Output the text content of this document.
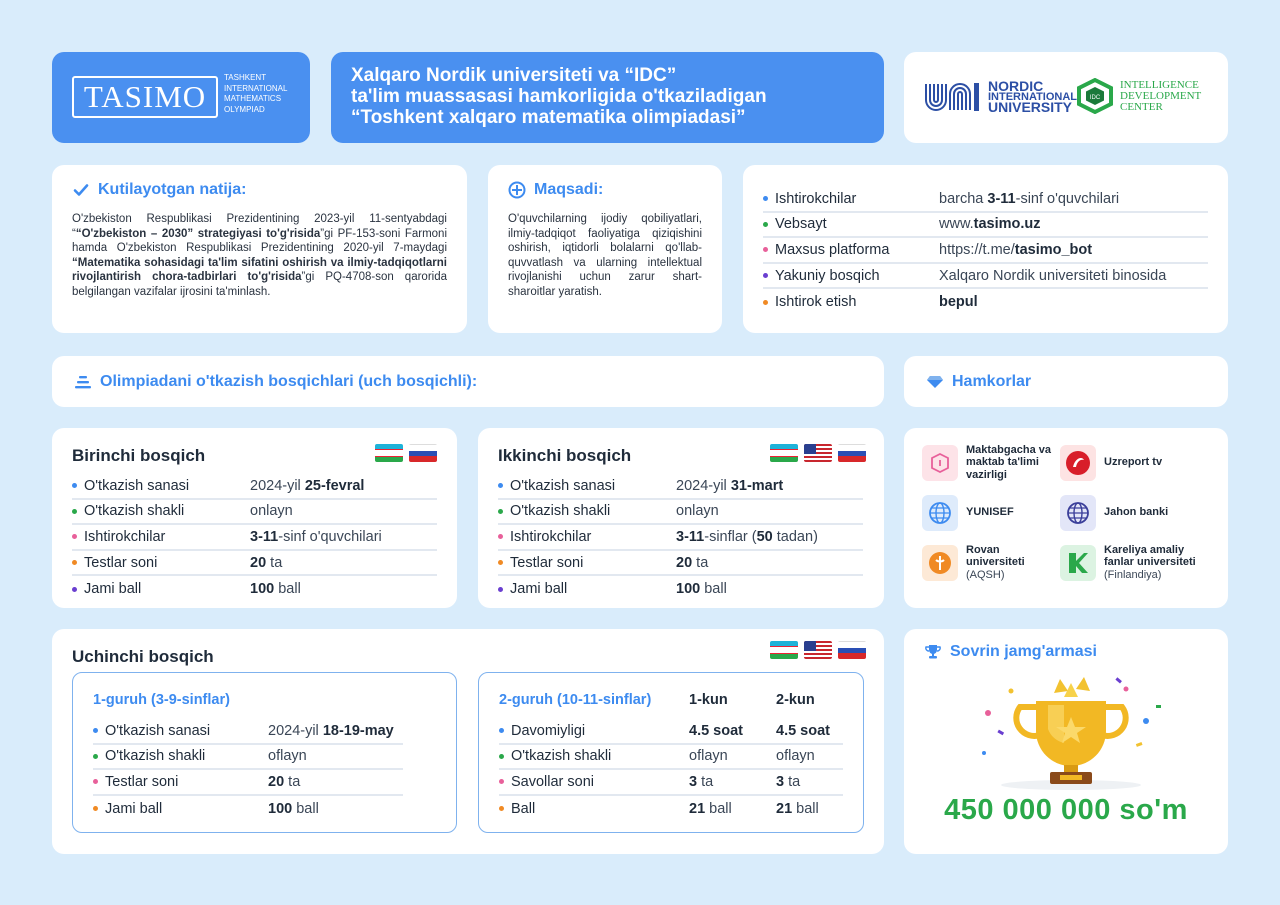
TASIMO
TASHKENT
INTERNATIONAL
MATHEMATICS
OLYMPIAD
Xalqaro Nordik universiteti va “IDC”
ta'lim muassasasi hamkorligida o'tkaziladigan
“Toshkent xalqaro matematika olimpiadasi”
NORDIC
INTERNATIONAL
UNIVERSITY
IDC
INTELLIGENCE
DEVELOPMENT
CENTER
Kutilayotgan natija:

O'zbekiston Respublikasi Prezidentining 2023-yil 11-sentyabdagi ““O'zbekiston – 2030” strategiyasi to'g'risida”gi PF-153-soni Farmoni hamda O'zbekiston Respublikasi Prezidentining 2020-yil 7-maydagi “Matematika sohasidagi ta'lim sifatini oshirish va ilmiy-tadqiqotlarni rivojlantirish chora-tadbirlari to'g'risida”gi PQ-4708-son qarorida belgilangan vazifalar ijrosini ta'minlash.

Maqsadi:

O'quvchilarning ijodiy qobiliyatlari, ilmiy-tadqiqot faoliyatiga qiziqishini oshirish, iqtidorli bolalarni qo'llab-quvvatlash va ularning intellektual rivojlanishi uchun zarur shart-sharoitlar yaratish.

Ishtirokchilar	barcha 3-11-sinf o'quvchilari
Vebsayt	www.tasimo.uz
Maxsus platforma	https://t.me/tasimo_bot
Yakuniy bosqich	Xalqaro Nordik universiteti binosida
Ishtirok etish	bepul
Olimpiadani o'tkazish bosqichlari (uch bosqichli):	Hamkorlar
Birinchi bosqich
O'tkazish sanasi	2024-yil 25-fevral
O'tkazish shakli	onlayn
Ishtirokchilar	3-11-sinf o'quvchilari
Testlar soni	20 ta
Jami ball	100 ball
Ikkinchi bosqich
O'tkazish sanasi	2024-yil 31-mart
O'tkazish shakli	onlayn
Ishtirokchilar	3-11-sinflar (50 tadan)
Testlar soni	20 ta
Jami ball	100 ball
Maktabgacha va maktab ta'limi vazirligi
Uzreport tv
YUNISEF	Jahon banki
Rovan universiteti
(AQSH)
Kareliya amaliy fanlar universiteti
(Finlandiya)
Uchinchi bosqich
1-guruh (3-9-sinflar)
O'tkazish sanasi	2024-yil 18-19-may
O'tkazish shakli	oflayn
Testlar soni	20 ta
Jami ball	100 ball
2-guruh (10-11-sinflar)	1-kun	2-kun
Davomiyligi	4.5 soat	4.5 soat
O'tkazish shakli	oflayn	oflayn
Savollar soni	3 ta	3 ta
Ball	21 ball	21 ball
Sovrin jamg'armasi
450 000 000 so'm
